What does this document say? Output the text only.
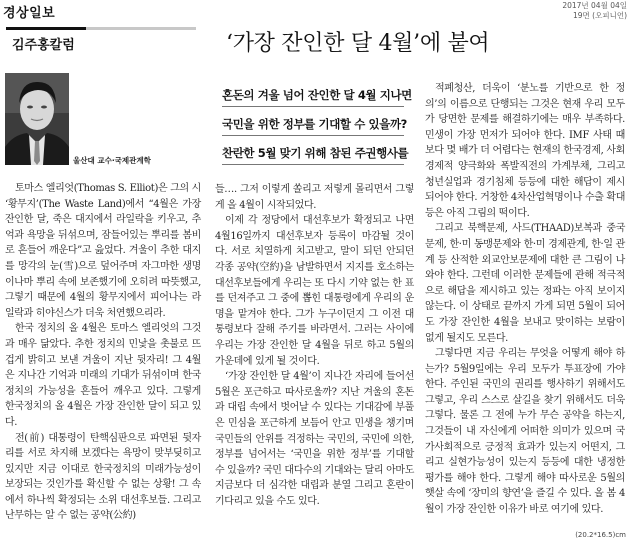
경상일보
2017년 04월 04일
19면 (오피니언)
김주홍칼럼	‘가장 잔인한 달 4월’에 붙여
울산대 교수·국제관계학
혼돈의 겨울 넘어 잔인한 달 4월 지나면
국민을 위한 정부를 기대할 수 있을까?
찬란한 5월 맞기 위해 참된 주권행사를

토마스 엘리엇(Thomas S. Elliot)은 그의 시 ‘황무지’(The Waste Land)에서 “4월은 가장 잔인한 달, 죽은 대지에서 라일락을 키우고, 추억과 욕망을 뒤섞으며, 잠들어있는 뿌리를 봄비로 흔들어 깨운다”고 읊었다. 겨울이 추한 대지를 망각의 눈(雪)으로 덮어주며 자그마한 생명이나마 뿌리 속에 보존했기에 오히려 따뜻했고, 그렇기 때문에 4월의 황무지에서 피어나는 라일락과 히야신스가 더욱 처연했으리라.

한국 정치의 올 4월은 토마스 엘리엇의 그것과 매우 닮았다. 추한 정치의 민낯을 촛불로 뜨겁게 밝히고 보낸 겨울이 지난 뒷자리! 그 4월은 지나간 기억과 미래의 기대가 뒤섞이며 한국 정치의 가능성을 흔들어 깨우고 있다. 그렇게 한국정치의 올 4월은 가장 잔인한 달이 되고 있다.

전(前) 대통령이 탄핵심판으로 파면된 뒷자리를 서로 차지해 보겠다는 욕망이 맞부딪히고 있지만 지금 이대로 한국정치의 미래가능성이 보장되는 것인가를 확신할 수 없는 상황! 그 속에서 하나씩 확정되는 소위 대선후보들. 그리고 난무하는 알 수 없는 공약(公約)

들…. 그저 이렇게 쏠리고 저렇게 몰리면서 그렇게 올 4월이 시작되었다.

이제 각 정당에서 대선후보가 확정되고 나면 4월16일까지 대선후보자 등록이 마감될 것이다. 서로 치열하게 치고받고, 말이 되던 안되던 각종 공약(空約)을 남발하면서 지지를 호소하는 대선후보들에게 우리는 또 다시 기약 없는 한 표를 던져주고 그 중에 뽑힌 대통령에게 우리의 운명을 맡겨야 한다. 그가 누구이던지 그 이전 대통령보다 잘해 주기를 바라면서. 그러는 사이에 우리는 가장 잔인한 달 4월을 뒤로 하고 5월의 가운데에 있게 될 것이다.

‘가장 잔인한 달 4월’이 지나간 자리에 들어선 5월은 포근하고 따사로울까? 지난 겨울의 혼돈과 대립 속에서 벗어날 수 있다는 기대감에 부풀은 민심을 포근하게 보듬어 안고 민생을 챙기며 국민들의 안위를 걱정하는 국민의, 국민에 의한, 정부를 넘어서는 ‘국민을 위한 정부’를 기대할 수 있을까? 국민 대다수의 기대와는 달리 아마도 지금보다 더 심각한 대립과 분열 그리고 혼란이 기다리고 있을 수도 있다.

적폐청산, 더욱이 ‘분노를 기반으로 한 정의’의 이름으로 단행되는 그것은 현재 우리 모두가 당면한 문제를 해결하기에는 매우 부족하다. 민생이 가장 먼저가 되어야 한다. IMF 사태 때보다 몇 배가 더 어렵다는 현재의 한국경제, 사회경제적 양극화와 폭발직전의 가계부채, 그리고 청년실업과 경기침체 등등에 대한 해답이 제시되어야 한다. 거창한 4차산업혁명이나 수출 확대 등은 아직 그림의 떡이다.

그리고 북핵문제, 사드(THAAD)보복과 중국문제, 한·미 동맹문제와 한·미 경제관계, 한·일 관계 등 산적한 외교안보문제에 대한 큰 그림이 나와야 한다. 그런데 이러한 문제들에 관해 적극적으로 해답을 제시하고 있는 정파는 아직 보이지 않는다. 이 상태로 끝까지 가게 되면 5월이 되어도 가장 잔인한 4월을 보내고 맞이하는 보람이 없게 될지도 모른다.

그렇다면 지금 우리는 무엇을 어떻게 해야 하는가? 5월9일에는 우리 모두가 투표장에 가야 한다. 주인된 국민의 권리를 행사하기 위해서도 그렇고, 우리 스스로 살길을 찾기 위해서도 더욱 그렇다. 물론 그 전에 누가 무슨 공약을 하는지, 그것들이 내 자신에게 어떠한 의미가 있으며 국가사회적으로 긍정적 효과가 있는지 어떤지, 그리고 실현가능성이 있는지 등등에 대한 냉정한 평가를 해야 한다. 그렇게 해야 따사로운 5월의 햇살 속에 ‘장미의 향연’을 즐길 수 있다. 올 봄 4월이 가장 잔인한 이유가 바로 여기에 있다.

(20.2*16.5)cm
